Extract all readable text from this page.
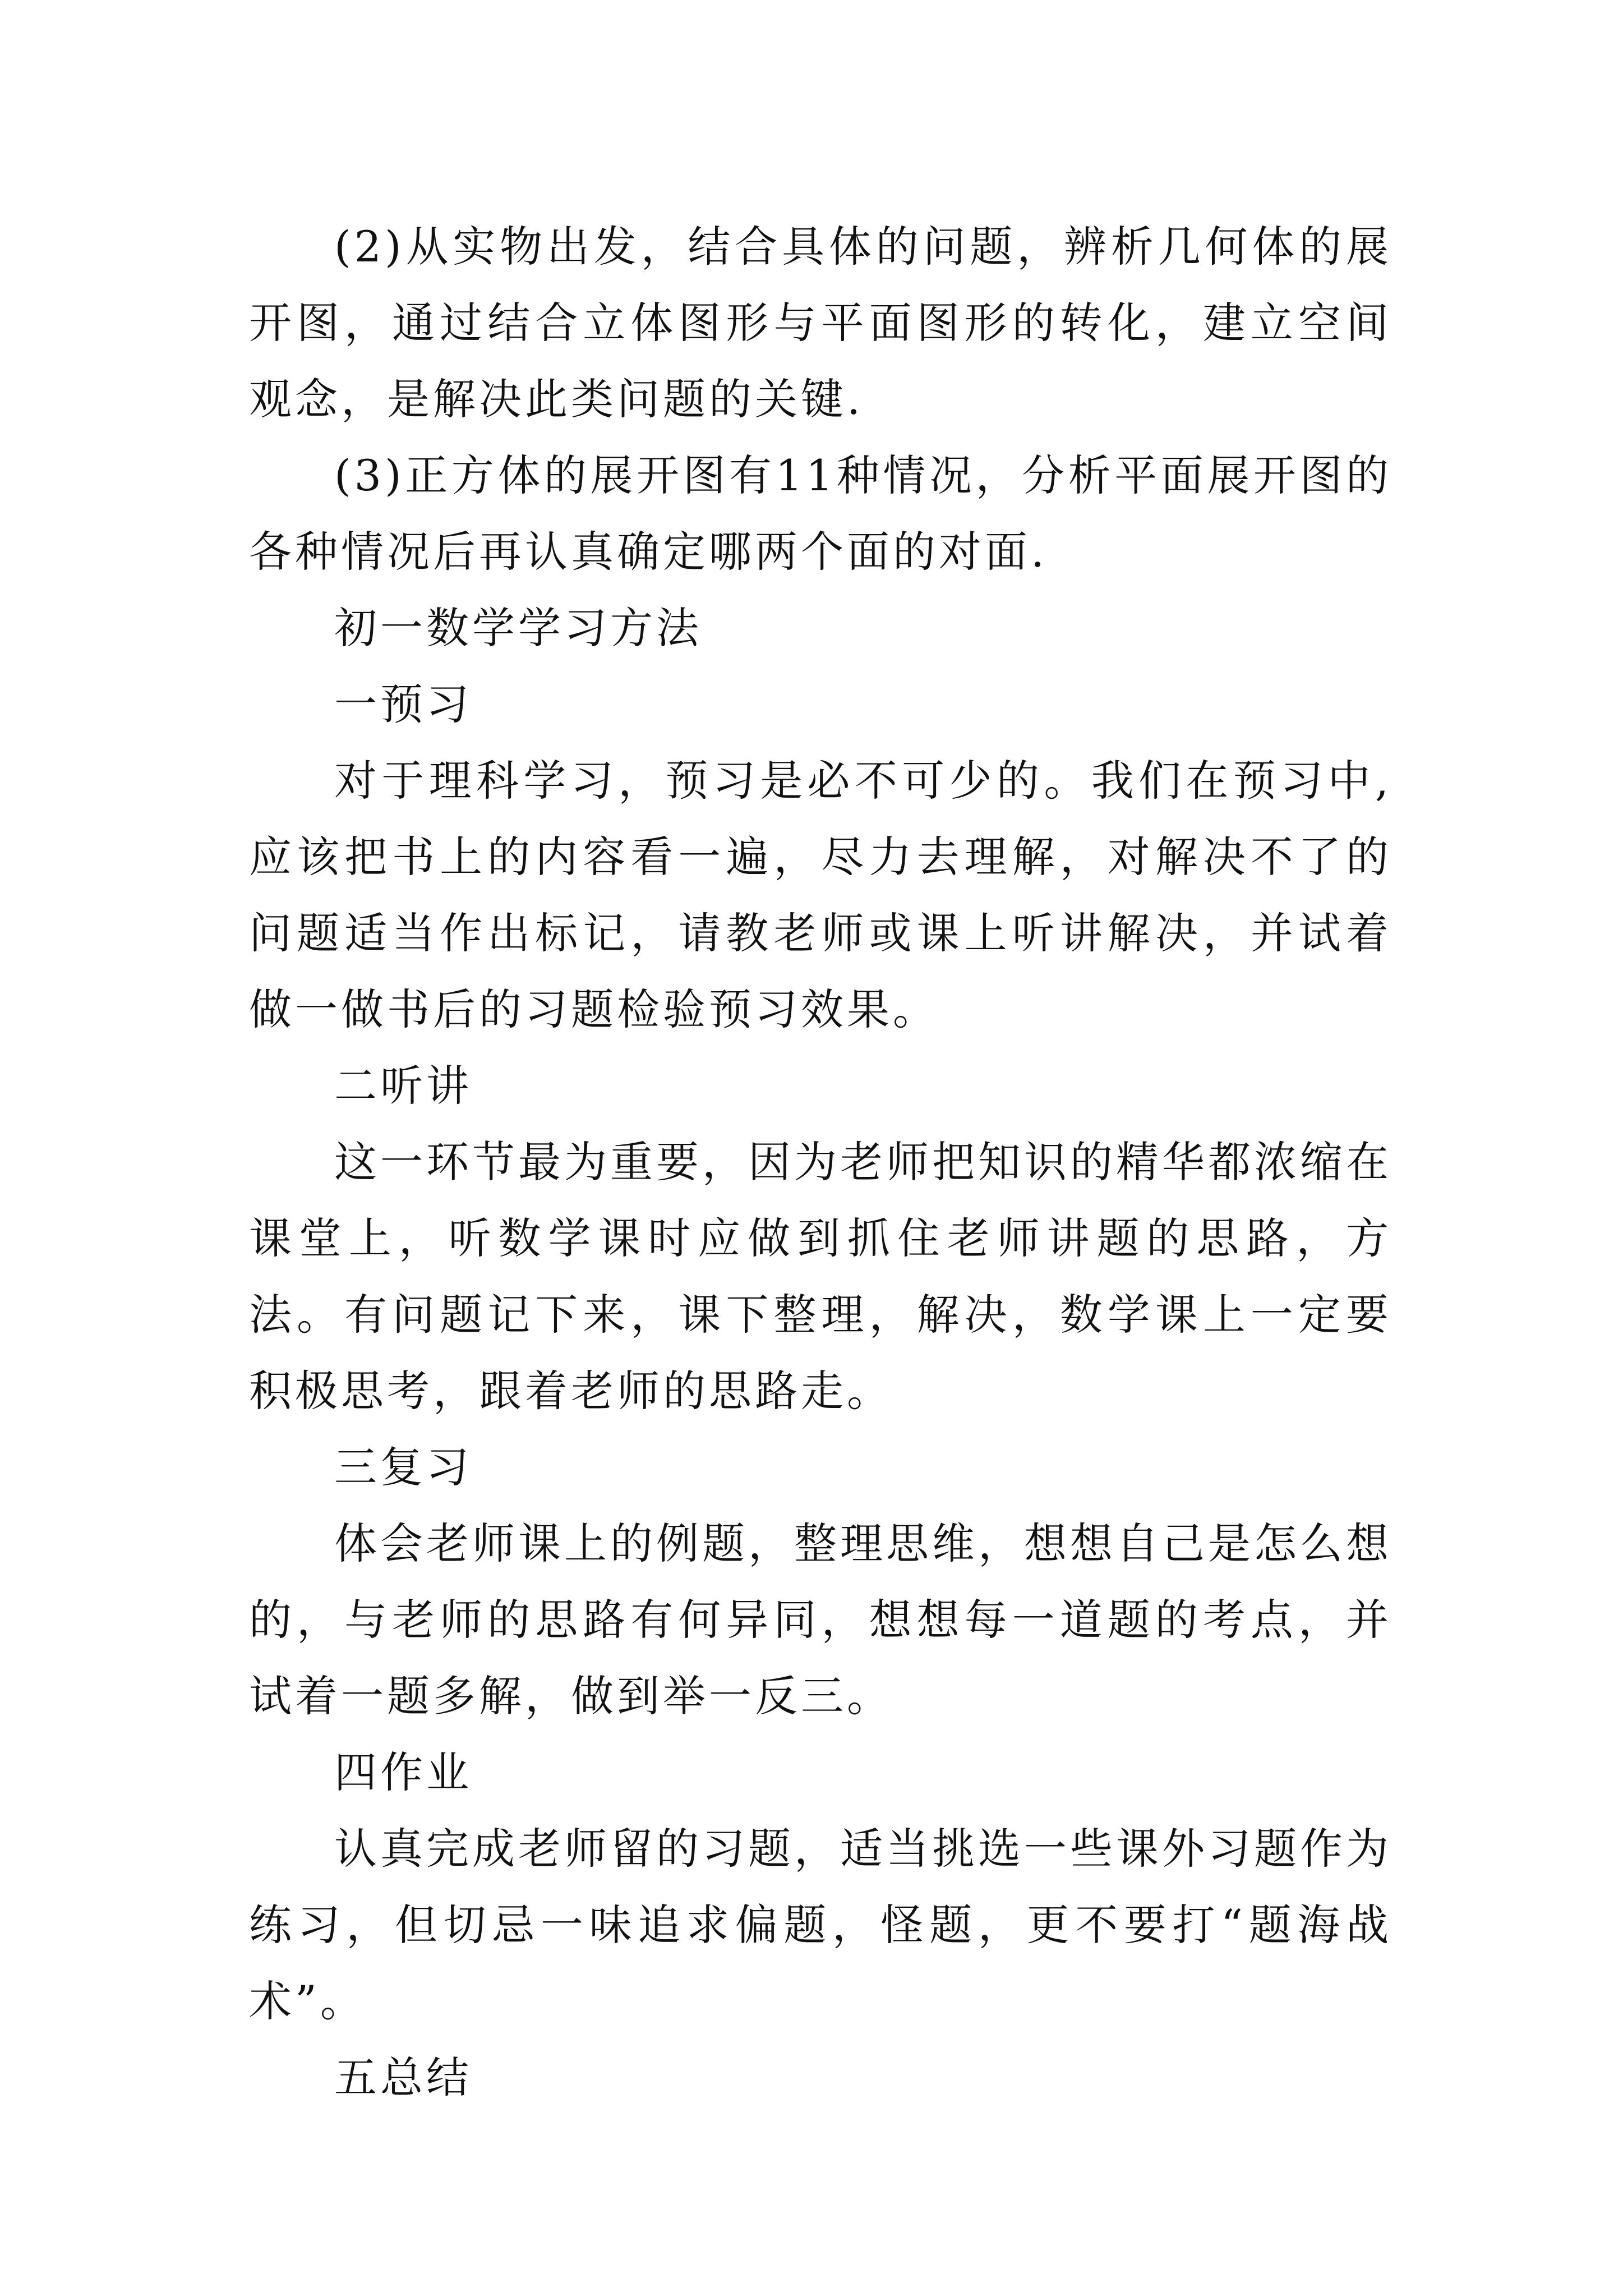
(2)从实物出发，结合具体的问题，辨析几何体的展开图，通过结合立体图形与平面图形的转化，建立空间观念，是解决此类问题的关键.

(3)正方体的展开图有11种情况，分析平面展开图的各种情况后再认真确定哪两个面的对面.

初一数学学习方法

一预习

对于理科学习，预习是必不可少的。我们在预习中,应该把书上的内容看一遍，尽力去理解，对解决不了的问题适当作出标记，请教老师或课上听讲解决，并试着做一做书后的习题检验预习效果。

二听讲

这一环节最为重要，因为老师把知识的精华都浓缩在课堂上，听数学课时应做到抓住老师讲题的思路，方法。有问题记下来，课下整理，解决，数学课上一定要积极思考，跟着老师的思路走。

三复习

体会老师课上的例题，整理思维，想想自己是怎么想的，与老师的思路有何异同，想想每一道题的考点，并试着一题多解，做到举一反三。

四作业

认真完成老师留的习题，适当挑选一些课外习题作为练习，但切忌一味追求偏题，怪题，更不要打“题海战术”。

五总结
